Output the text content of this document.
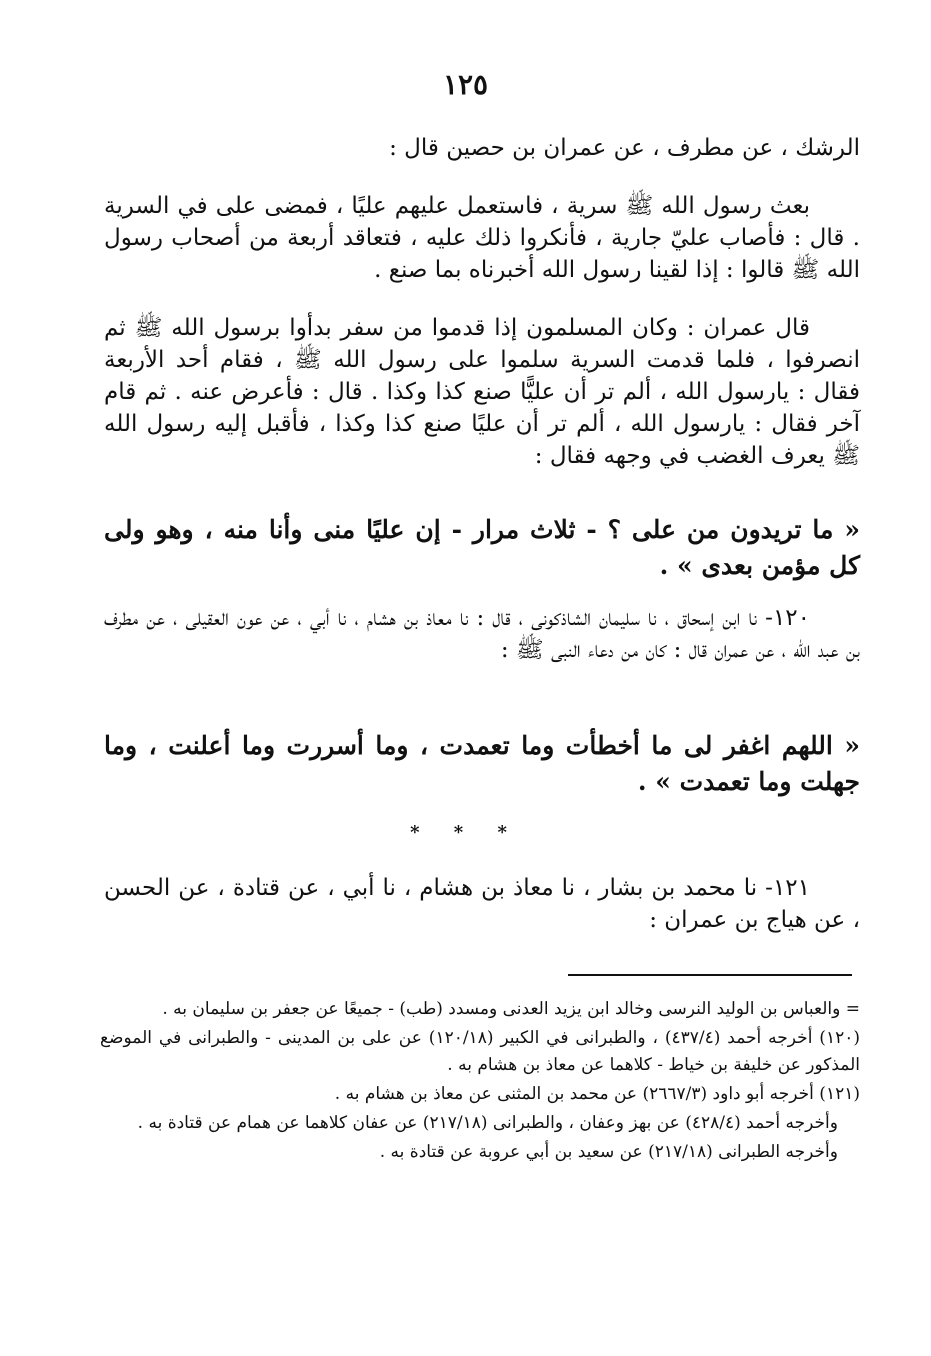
١٢٥
الرشك ، عن مطرف ، عن عمران بن حصين قال :
بعث رسول الله ﷺ سرية ، فاستعمل عليهم عليًا ، فمضى على في السرية . قال : فأصاب عليّ جارية ، فأنكروا ذلك عليه ، فتعاقد أربعة من أصحاب رسول الله ﷺ قالوا : إذا لقينا رسول الله أخبرناه بما صنع .
قال عمران : وكان المسلمون إذا قدموا من سفر بدأوا برسول الله ﷺ ثم انصرفوا ، فلما قدمت السرية سلموا على رسول الله ﷺ ، فقام أحد الأربعة فقال : يارسول الله ، ألم تر أن عليًّا صنع كذا وكذا . قال : فأعرض عنه . ثم قام آخر فقال : يارسول الله ، ألم تر أن عليًا صنع كذا وكذا ، فأقبل إليه رسول الله ﷺ يعرف الغضب في وجهه فقال :
« ما تريدون من على ؟ - ثلاث مرار - إن عليًا منى وأنا منه ، وهو ولى كل مؤمن بعدى » .
١٢٠- نا ابن إسحاق ، نا سليمان الشاذكونى ، قال : نا معاذ بن هشام ، نا أبي ، عن عون العقيلى ، عن مطرف بن عبد الله ، عن عمران قال : كان من دعاء النبى ﷺ :
« اللهم اغفر لى ما أخطأت وما تعمدت ، وما أسررت وما أعلنت ، وما جهلت وما تعمدت » .
* * *
١٢١- نا محمد بن بشار ، نا معاذ بن هشام ، نا أبي ، عن قتادة ، عن الحسن ، عن هياج بن عمران :

= والعباس بن الوليد النرسى وخالد ابن يزيد العدنى ومسدد (طب) - جميعًا عن جعفر بن سليمان به .

(١٢٠) أخرجه أحمد (٤٣٧/٤) ، والطبرانى في الكبير (١٢٠/١٨) عن على بن المدينى - والطبرانى في الموضع المذكور عن خليفة بن خياط - كلاهما عن معاذ بن هشام به .

(١٢١) أخرجه أبو داود (٢٦٦٧/٣) عن محمد بن المثنى عن معاذ بن هشام به .

وأخرجه أحمد (٤٢٨/٤) عن بهز وعفان ، والطبرانى (٢١٧/١٨) عن عفان كلاهما عن همام عن قتادة به .

وأخرجه الطبرانى (٢١٧/١٨) عن سعيد بن أبي عروبة عن قتادة به .
